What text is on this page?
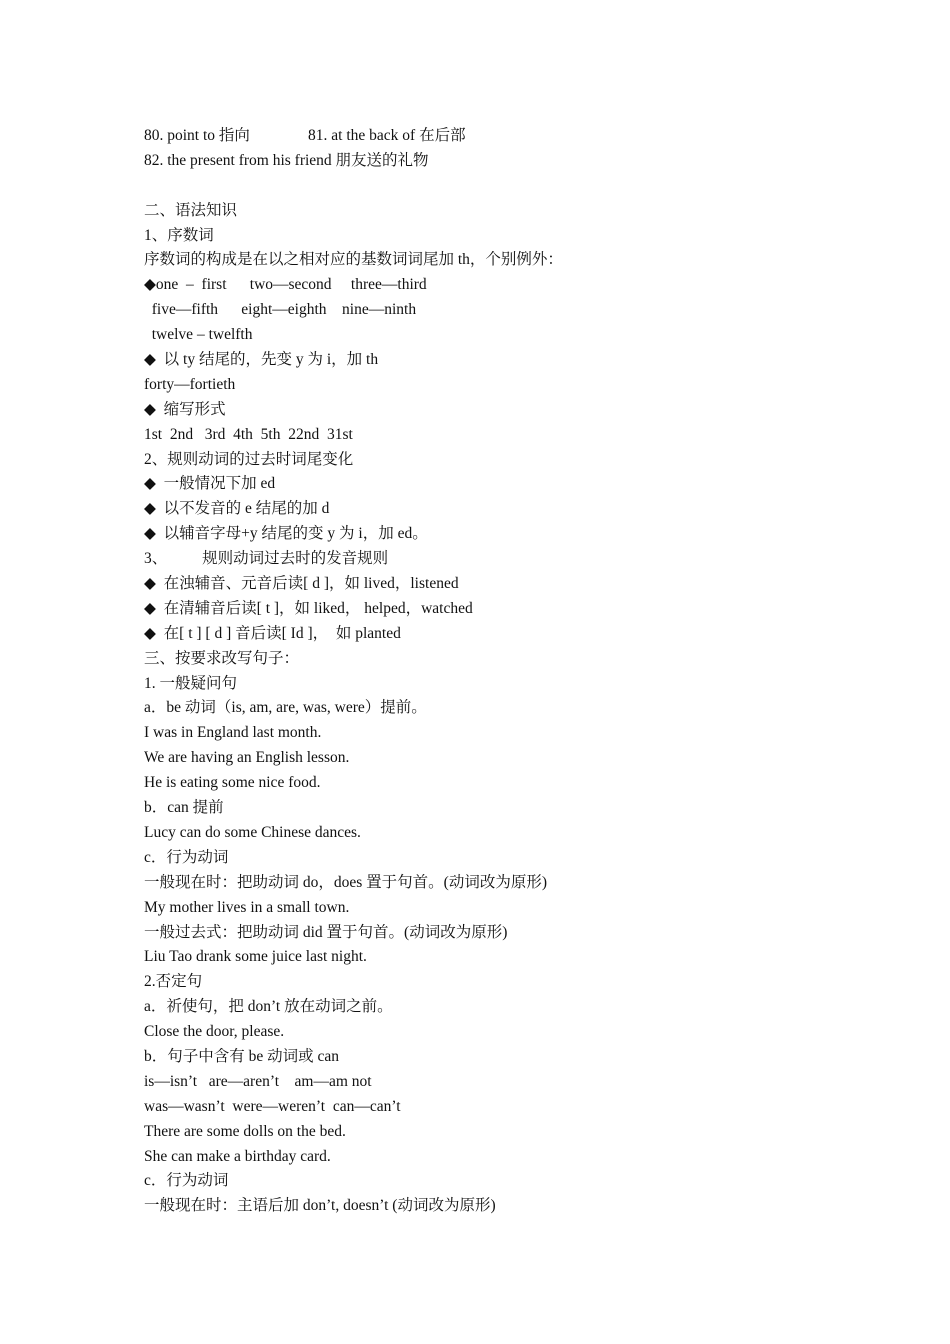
80. point to 指向               81. at the back of 在后部
82. the present from his friend 朋友送的礼物
二、语法知识
1、序数词
序数词的构成是在以之相对应的基数词词尾加 th，个别例外：
◆one  –  first      two—second     three—third
five—fifth      eight—eighth    nine—ninth
twelve – twelfth
◆  以 ty 结尾的，先变 y 为 i，加 th
forty—fortieth
◆  缩写形式
1st  2nd   3rd  4th  5th  22nd  31st
2、规则动词的过去时词尾变化
◆  一般情况下加 ed
◆  以不发音的 e 结尾的加 d
◆  以辅音字母+y 结尾的变 y 为 i，加 ed。
3、         规则动词过去时的发音规则
◆  在浊辅音、元音后读[ d ]，如 lived，listened
◆  在清辅音后读[ t ]，如 liked， helped，watched
◆  在[ t ] [ d ] 音后读[ Id ]，  如 planted
三、按要求改写句子：
1. 一般疑问句
a．be 动词（is, am, are, was, were）提前。
I was in England last month.
We are having an English lesson.
He is eating some nice food.
b．can 提前
Lucy can do some Chinese dances.
c．行为动词
一般现在时：把助动词 do，does 置于句首。(动词改为原形)
My mother lives in a small town.
一般过去式：把助动词 did 置于句首。(动词改为原形)
Liu Tao drank some juice last night.
2.否定句
a．祈使句，把 don’t 放在动词之前。
Close the door, please.
b．句子中含有 be 动词或 can
is—isn’t   are—aren’t    am—am not
was—wasn’t  were—weren’t  can—can’t
There are some dolls on the bed.
She can make a birthday card.
c．行为动词
一般现在时：主语后加 don’t, doesn’t (动词改为原形)
